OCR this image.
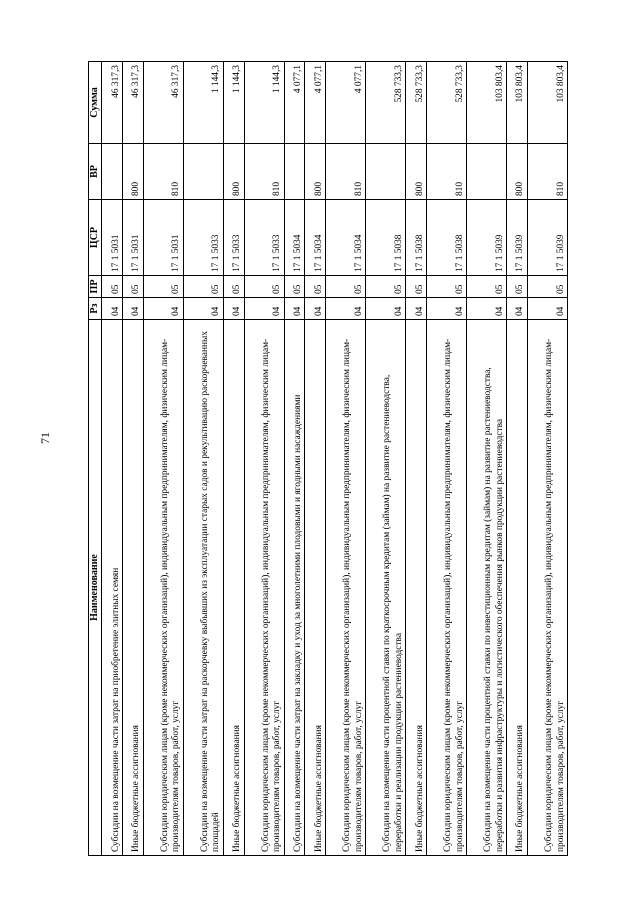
71
Наименование	Рз	ПР	ЦСР	ВР	Сумма
Субсидии на возмещение части затрат на приобретение элитных семян	04	05	17 1 5031		46 317,3
Иные бюджетные ассигнования	04	05	17 1 5031	800	46 317,3
Субсидии юридическим лицам (кроме некоммерческих организаций), индивидуальным предпринимателям, физическим лицам-производителям товаров, работ, услуг	04	05	17 1 5031	810	46 317,3
Субсидии на возмещение части затрат на раскорчевку выбывших из эксплуатации старых садов и рекультивацию раскорчеванных площадей	04	05	17 1 5033		1 144,3
Иные бюджетные ассигнования	04	05	17 1 5033	800	1 144,3
Субсидии юридическим лицам (кроме некоммерческих организаций), индивидуальным предпринимателям, физическим лицам-производителям товаров, работ, услуг	04	05	17 1 5033	810	1 144,3
Субсидии на возмещение части затрат на закладку и уход за многолетними плодовыми и ягодными насаждениями	04	05	17 1 5034		4 077,1
Иные бюджетные ассигнования	04	05	17 1 5034	800	4 077,1
Субсидии юридическим лицам (кроме некоммерческих организаций), индивидуальным предпринимателям, физическим лицам-производителям товаров, работ, услуг	04	05	17 1 5034	810	4 077,1
Субсидии на возмещение части процентной ставки по краткосрочным кредитам (займам) на развитие растениеводства, переработки и реализации продукции растениеводства	04	05	17 1 5038		528 733,3
Иные бюджетные ассигнования	04	05	17 1 5038	800	528 733,3
Субсидии юридическим лицам (кроме некоммерческих организаций), индивидуальным предпринимателям, физическим лицам-производителям товаров, работ, услуг	04	05	17 1 5038	810	528 733,3
Субсидии на возмещение части процентной ставки по инвестиционным кредитам (займам) на развитие растениеводства, переработки и развития инфраструктуры и логистического обеспечения рынков продукции растениеводства	04	05	17 1 5039		103 803,4
Иные бюджетные ассигнования	04	05	17 1 5039	800	103 803,4
Субсидии юридическим лицам (кроме некоммерческих организаций), индивидуальным предпринимателям, физическим лицам-производителям товаров, работ, услуг	04	05	17 1 5039	810	103 803,4
